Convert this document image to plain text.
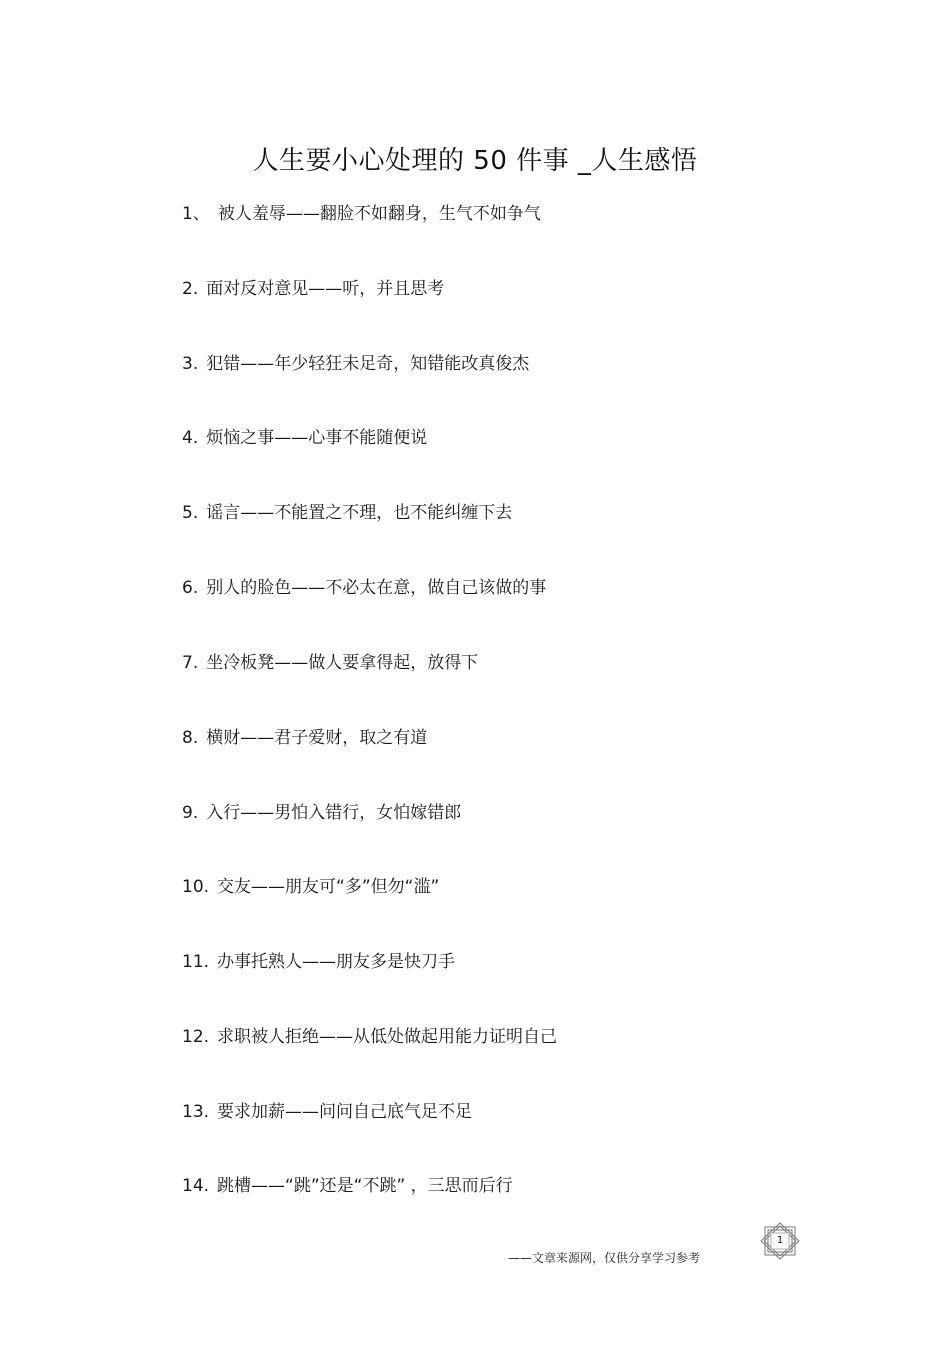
人生要小心处理的 50 件事 _人生感悟
1、 被人羞辱——翻脸不如翻身，生气不如争气
2. 面对反对意见——听，并且思考
3. 犯错——年少轻狂未足奇，知错能改真俊杰
4. 烦恼之事——心事不能随便说
5. 谣言——不能置之不理，也不能纠缠下去
6. 别人的脸色——不必太在意，做自己该做的事
7. 坐冷板凳——做人要拿得起，放得下
8. 横财——君子爱财，取之有道
9. 入行——男怕入错行，女怕嫁错郎
10. 交友——朋友可“多”但勿“滥”
11. 办事托熟人——朋友多是快刀手
12. 求职被人拒绝——从低处做起用能力证明自己
13. 要求加薪——问问自己底气足不足
14. 跳槽——“跳”还是“不跳” ，三思而后行
——文章来源网，仅供分享学习参考
1
